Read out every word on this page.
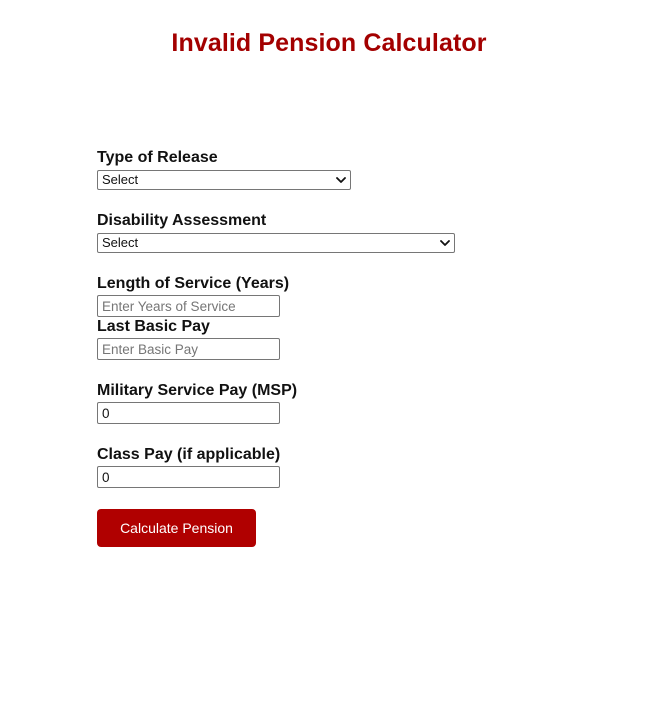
Invalid Pension Calculator
Type of Release
Select
Disability Assessment
Select
Length of Service (Years)
Enter Years of Service
Last Basic Pay
Enter Basic Pay
Military Service Pay (MSP)
0
Class Pay (if applicable)
0
Calculate Pension
